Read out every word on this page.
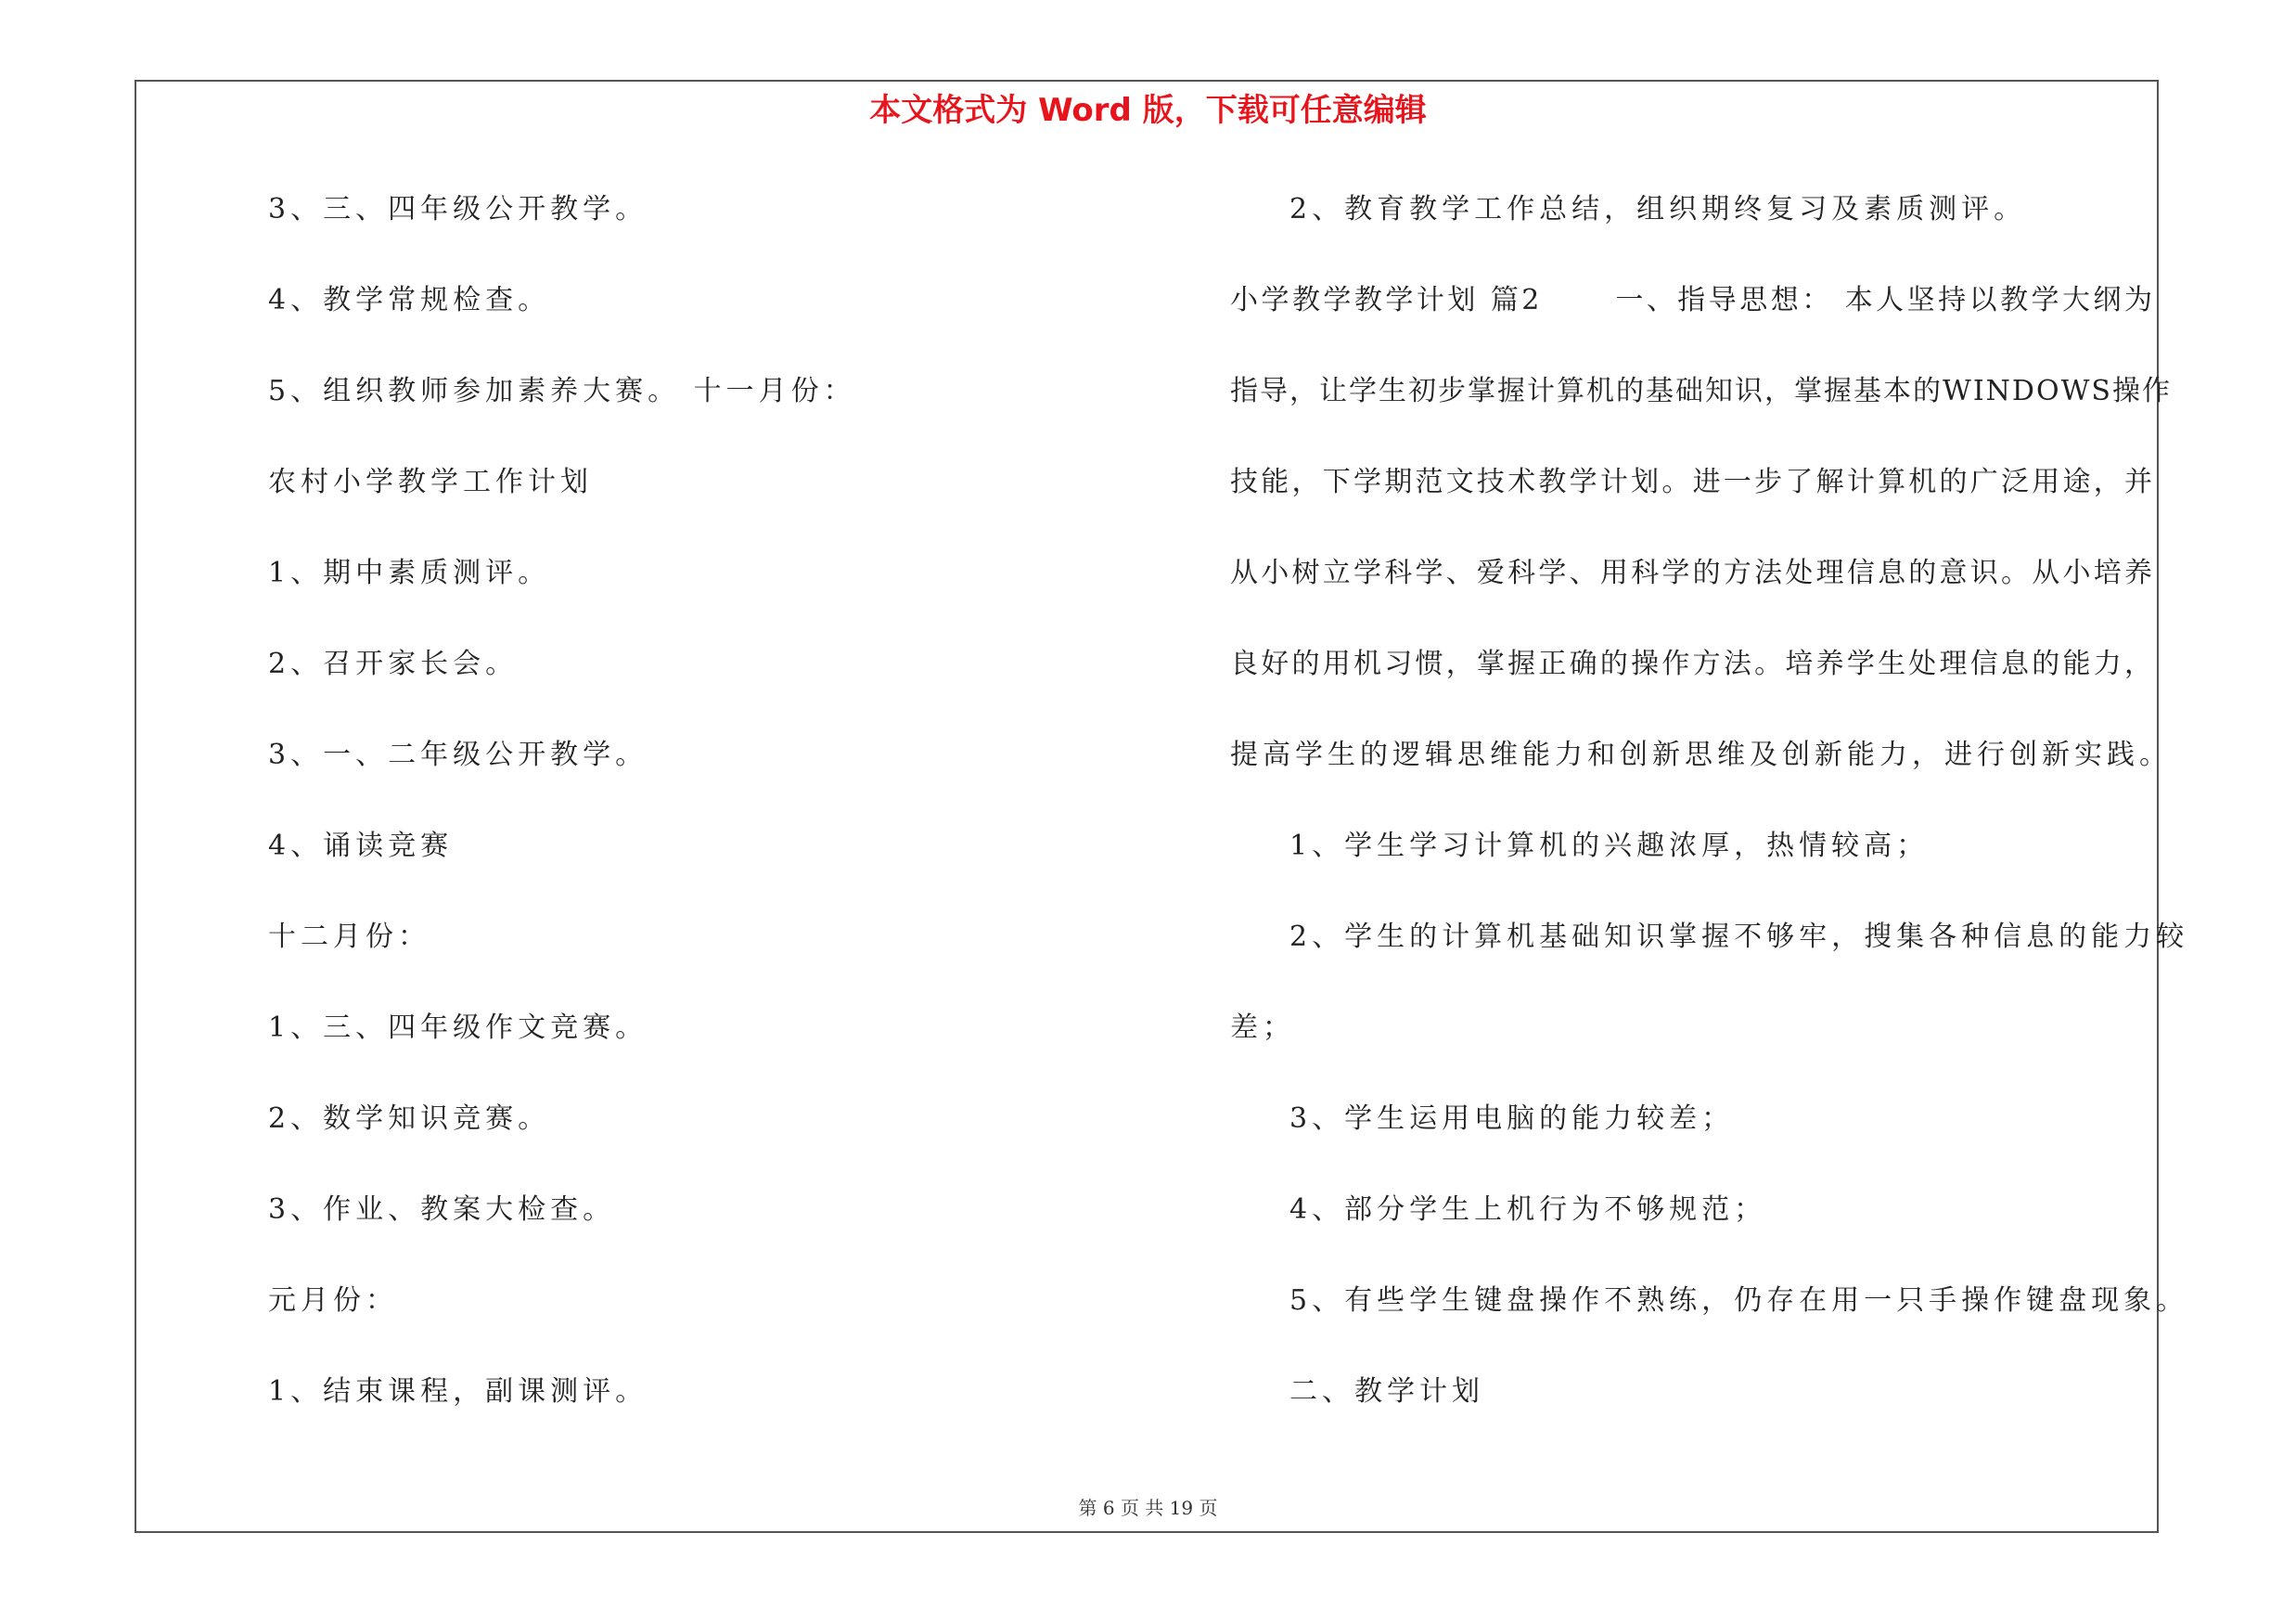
本文格式为 Word 版，下载可任意编辑
3、三、四年级公开教学。
4、教学常规检查。
5、组织教师参加素养大赛。 十一月份：
农村小学教学工作计划
1、期中素质测评。
2、召开家长会。
3、一、二年级公开教学。
4、诵读竞赛
十二月份：
1、三、四年级作文竞赛。
2、数学知识竞赛。
3、作业、教案大检查。
元月份：
1、结束课程，副课测评。
2、教育教学工作总结，组织期终复习及素质测评。
小学教学教学计划 篇2 　　一、指导思想： 本人坚持以教学大纲为
指导，让学生初步掌握计算机的基础知识，掌握基本的WINDOWS操作
技能，下学期范文技术教学计划。进一步了解计算机的广泛用途，并
从小树立学科学、爱科学、用科学的方法处理信息的意识。从小培养
良好的用机习惯，掌握正确的操作方法。培养学生处理信息的能力，
提高学生的逻辑思维能力和创新思维及创新能力，进行创新实践。
1、学生学习计算机的兴趣浓厚，热情较高；
2、学生的计算机基础知识掌握不够牢，搜集各种信息的能力较
差；
3、学生运用电脑的能力较差；
4、部分学生上机行为不够规范；
5、有些学生键盘操作不熟练，仍存在用一只手操作键盘现象。
二、教学计划
第 6 页 共 19 页
